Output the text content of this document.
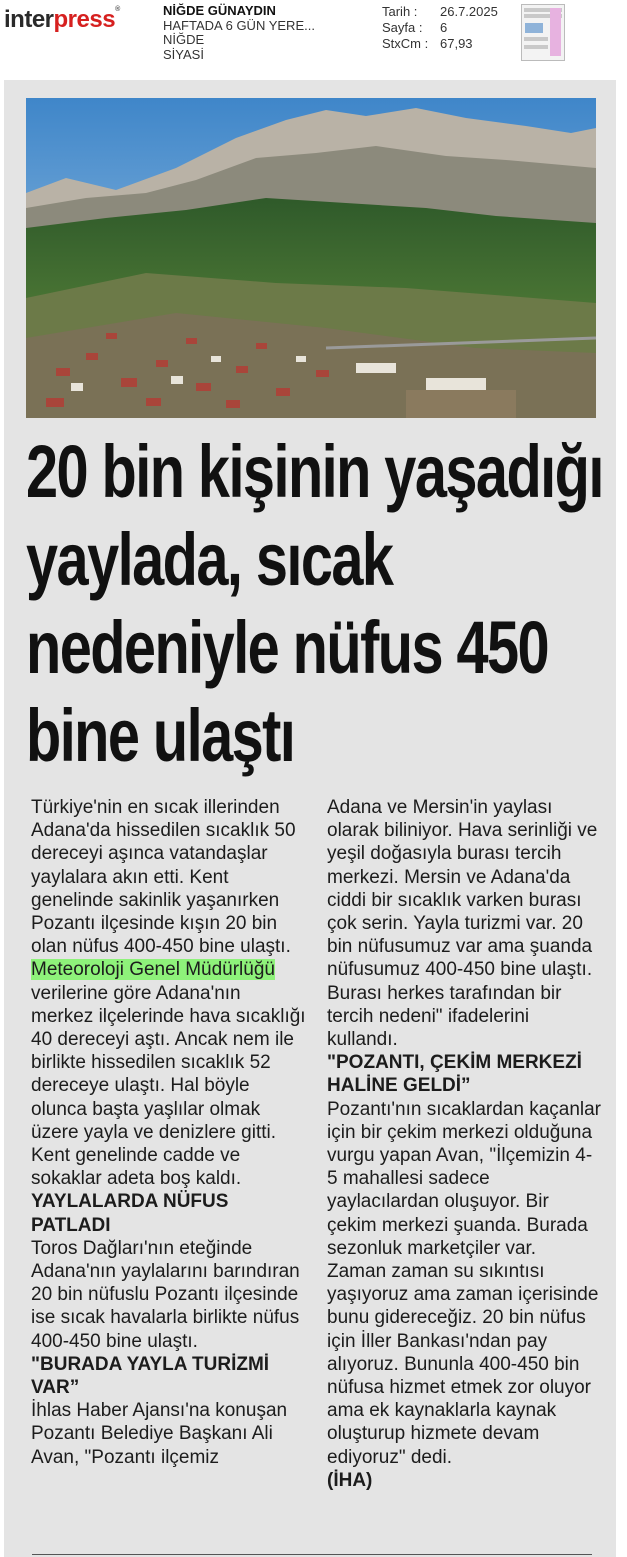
interpress®	NİĞDE GÜNAYDIN
HAFTADA 6 GÜN YERE...
NİĞDE
SİYASİ
Tarih :	26.7.2025
Sayfa :	6
StxCm : 67,93
20 bin kişinin yaşadığı yaylada, sıcak nedeniyle nüfus 450 bine ulaştı

Türkiye'nin en sıcak illerinden Adana'da hissedilen sıcaklık 50 dereceyi aşınca vatandaşlar yaylalara akın etti. Kent genelinde sakinlik yaşanırken Pozantı ilçesinde kışın 20 bin olan nüfus 400-450 bine ulaştı.

Meteoroloji Genel Müdürlüğü verilerine göre Adana'nın merkez ilçelerinde hava sıcaklığı 40 dereceyi aştı. Ancak nem ile birlikte hissedilen sıcaklık 52 dereceye ulaştı. Hal böyle olunca başta yaşlılar olmak üzere yayla ve denizlere gitti. Kent genelinde cadde ve sokaklar adeta boş kaldı.

YAYLALARDA NÜFUS PATLADI

Toros Dağları'nın eteğinde Adana'nın yaylalarını barındıran 20 bin nüfuslu Pozantı ilçesinde ise sıcak havalarla birlikte nüfus 400-450 bine ulaştı.

"BURADA YAYLA TURİZMİ VAR”

İhlas Haber Ajansı'na konuşan Pozantı Belediye Başkanı Ali Avan, "Pozantı ilçemiz

Adana ve Mersin'in yaylası olarak biliniyor. Hava serinliği ve yeşil doğasıyla burası tercih merkezi. Mersin ve Adana'da ciddi bir sıcaklık varken burası çok serin. Yayla turizmi var. 20 bin nüfusumuz var ama şuanda nüfusumuz 400-450 bine ulaştı. Burası herkes tarafından bir tercih nedeni" ifadelerini kullandı.

"POZANTI, ÇEKİM MERKEZİ HALİNE GELDİ”

Pozantı'nın sıcaklardan kaçanlar için bir çekim merkezi olduğuna vurgu yapan Avan, "İlçemizin 4-5 mahallesi sadece yaylacılardan oluşuyor. Bir çekim merkezi şuanda. Burada sezonluk marketçiler var.

Zaman zaman su sıkıntısı yaşıyoruz ama zaman içerisinde bunu gidereceğiz. 20 bin nüfus için İller Bankası'ndan pay alıyoruz. Bununla 400-450 bin nüfusa hizmet etmek zor oluyor ama ek kaynaklarla kaynak oluşturup hizmete devam ediyoruz" dedi.

(İHA)
